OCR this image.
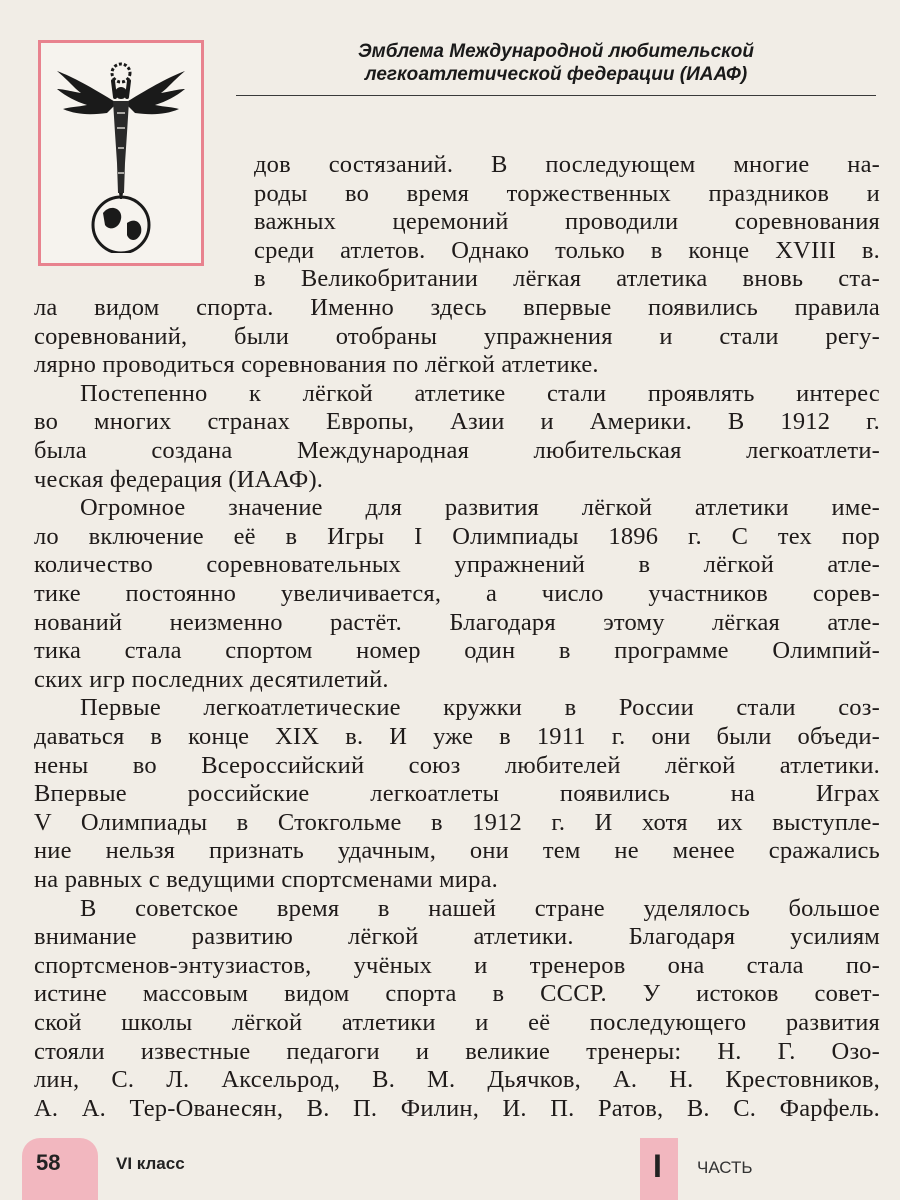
Эмблема Международной любительской
легкоатлетической федерации (ИААФ)
58	VI класс	I ЧАСТЬ
дов состязаний. В последующем многие на-
роды во время торжественных праздников и
важных церемоний проводили соревнования
среди атлетов. Однако только в конце XVIII в.
в Великобритании лёгкая атлетика вновь ста-
ла видом спорта. Именно здесь впервые появились правила
соревнований, были отобраны упражнения и стали регу-
лярно проводиться соревнования по лёгкой атлетике.
Постепенно к лёгкой атлетике стали проявлять интерес
во многих странах Европы, Азии и Америки. В 1912 г.
была создана Международная любительская легкоатлети-
ческая федерация (ИААФ).
Огромное значение для развития лёгкой атлетики име-
ло включение её в Игры I Олимпиады 1896 г. С тех пор
количество соревновательных упражнений в лёгкой атле-
тике постоянно увеличивается, а число участников сорев-
нований неизменно растёт. Благодаря этому лёгкая атле-
тика стала спортом номер один в программе Олимпий-
ских игр последних десятилетий.
Первые легкоатлетические кружки в России стали соз-
даваться в конце XIX в. И уже в 1911 г. они были объеди-
нены во Всероссийский союз любителей лёгкой атлетики.
Впервые российские легкоатлеты появились на Играх
V Олимпиады в Стокгольме в 1912 г. И хотя их выступле-
ние нельзя признать удачным, они тем не менее сражались
на равных с ведущими спортсменами мира.
В советское время в нашей стране уделялось большое
внимание развитию лёгкой атлетики. Благодаря усилиям
спортсменов-энтузиастов, учёных и тренеров она стала по-
истине массовым видом спорта в СССР. У истоков совет-
ской школы лёгкой атлетики и её последующего развития
стояли известные педагоги и великие тренеры: Н. Г. Озо-
лин, С. Л. Аксельрод, В. М. Дьячков, А. Н. Крестовников,
А. А. Тер-Ованесян, В. П. Филин, И. П. Ратов, В. С. Фарфель.
